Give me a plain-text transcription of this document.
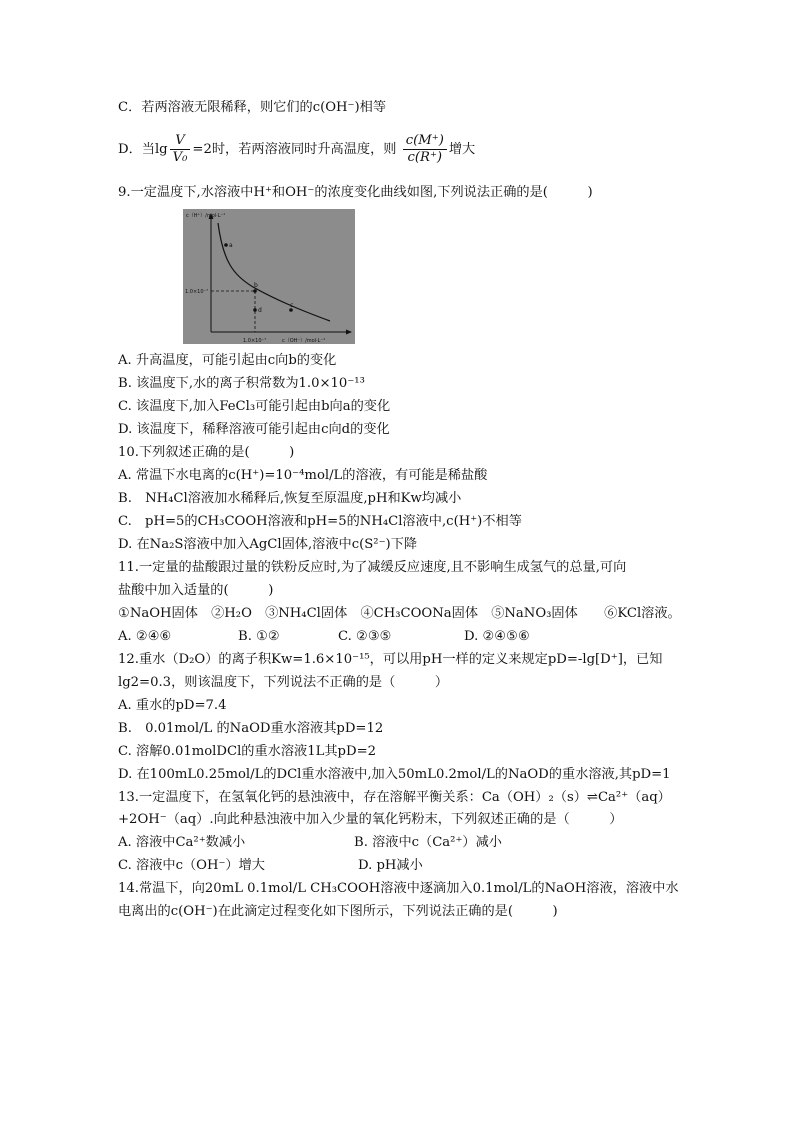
C．若两溶液无限稀释，则它们的c(OH⁻)相等
D．当$\lg \frac{V}{\text{V₀}} =2$时，若两溶液同时升高温度，则 $\frac{c(M^+)}{c(R^+)}$ 增大
9.一定温度下,水溶液中H⁺和OH⁻的浓度变化曲线如图,下列说法正确的是(　　　)
c（H⁺）/mol·L⁻¹
c（OH⁻）/mol·L⁻¹
1.0×10⁻⁷
1.0×10⁻⁷
a
b
c
d
A. 升高温度，可能引起由c向b的变化
B. 该温度下,水的离子积常数为1.0×10⁻¹³
C. 该温度下,加入FeCl₃可能引起由b向a的变化
D. 该温度下，稀释溶液可能引起由c向d的变化
10.下列叙述正确的是(　　　)
A. 常温下水电离的c(H⁺)=10⁻⁴mol/L的溶液，有可能是稀盐酸
B.　NH₄Cl溶液加水稀释后,恢复至原温度,pH和Kw均减小
C.　pH=5的CH₃COOH溶液和pH=5的NH₄Cl溶液中,c(H⁺)不相等
D. 在Na₂S溶液中加入AgCl固体,溶液中c(S²⁻)下降
11.一定量的盐酸跟过量的铁粉反应时,为了减缓反应速度,且不影响生成氢气的总量,可向
盐酸中加入适量的(　　　)
①NaOH固体　②H₂O　③NH₄Cl固体　④CH₃COONa固体　⑤NaNO₃固体　　⑥KCl溶液。
A. ②④⑥	B. ①②	C. ②③⑤	D. ②④⑤⑥
12.重水（D₂O）的离子积Kw=1.6×10⁻¹⁵，可以用pH一样的定义来规定pD=-lg[D⁺]，已知
lg2=0.3，则该温度下，下列说法不正确的是（　　　）
A. 重水的pD=7.4
B.　0.01mol/L 的NaOD重水溶液其pD=12
C. 溶解0.01molDCl的重水溶液1L其pD=2
D. 在100mL0.25mol/L的DCl重水溶液中,加入50mL0.2mol/L的NaOD的重水溶液,其pD=1
13.一定温度下，在氢氧化钙的悬浊液中，存在溶解平衡关系：Ca（OH）₂（s）⇌Ca²⁺（aq）
+2OH⁻（aq）.向此种悬浊液中加入少量的氧化钙粉末，下列叙述正确的是（　　　）
A. 溶液中Ca²⁺数减小	B. 溶液中c（Ca²⁺）减小
C. 溶液中c（OH⁻）增大	D. pH减小
14.常温下，向20mL 0.1mol/L CH₃COOH溶液中逐滴加入0.1mol/L的NaOH溶液，溶液中水
电离出的c(OH⁻)在此滴定过程变化如下图所示，下列说法正确的是(　　　)
